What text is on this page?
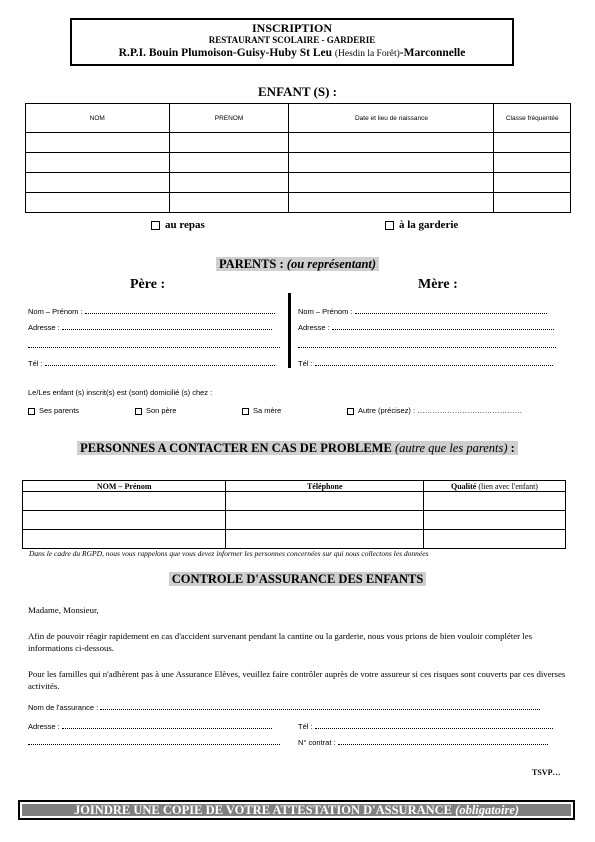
INSCRIPTION
RESTAURANT SCOLAIRE - GARDERIE
R.P.I. Bouin Plumoison-Guisy-Huby St Leu (Hesdin la Forêt)-Marconnelle
ENFANT (S) :
NOM	PRENOM	Date et lieu de naissance	Classe fréquentée

au repas	à la garderie
PARENTS : (ou représentant)
Père :	Mère :
Nom – Prénom :
Adresse :
Tél :
Nom – Prénom :
Adresse :
Tél :
Le/Les enfant (s) inscrit(s) est (sont) domicilié (s) chez :
Ses parents	Son père	Sa mère	Autre (précisez) : ……………………………………
PERSONNES A CONTACTER EN CAS DE PROBLEME (autre que les parents) :
NOM – Prénom	Téléphone	Qualité (lien avec l'enfant)

Dans le cadre du RGPD, nous vous rappelons que vous devez informer les personnes concernées sur qui nous collectons les données
CONTROLE D'ASSURANCE DES ENFANTS
Madame, Monsieur,
Afin de pouvoir réagir rapidement en cas d'accident survenant pendant la cantine ou la garderie, nous vous prions de bien vouloir compléter les informations ci-dessous.
Pour les familles qui n'adhèrent pas à une Assurance Elèves, veuillez faire contrôler auprès de votre assureur si ces risques sont couverts par ces diverses activités.
Nom de l'assurance :
Adresse :	Tél :
N° contrat :
TSVP…
JOINDRE UNE COPIE DE VOTRE ATTESTATION D'ASSURANCE (obligatoire)
